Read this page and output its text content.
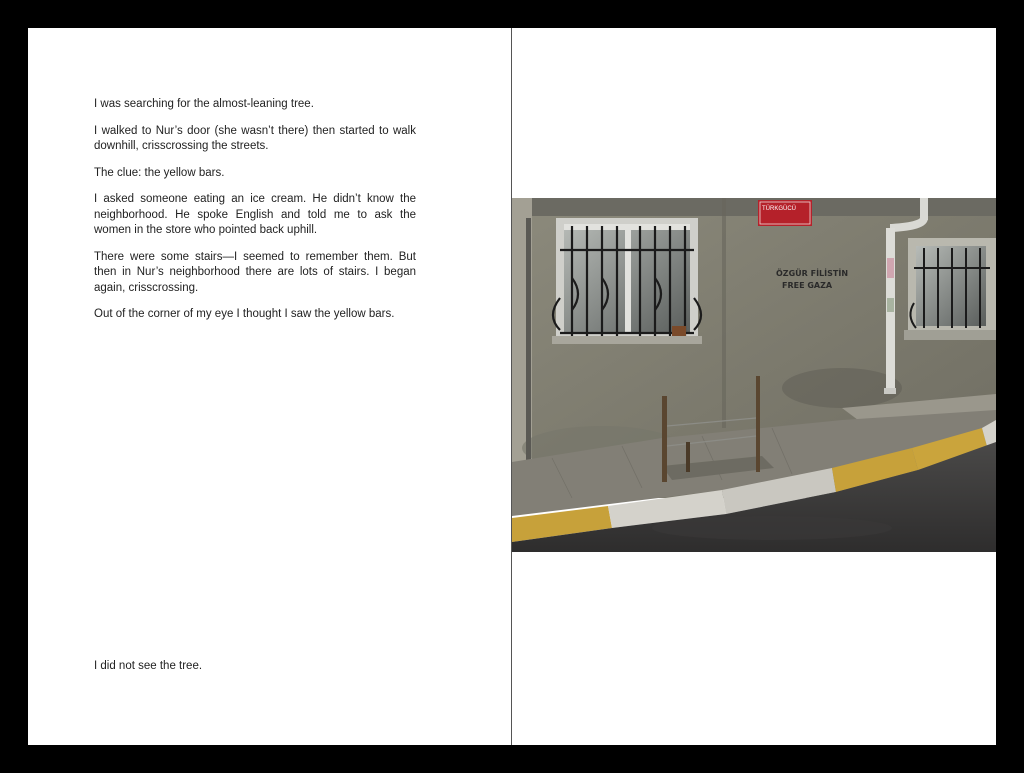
I was searching for the almost-leaning tree.

I walked to Nur’s door (she wasn’t there) then started to walk downhill, crisscrossing the streets.

The clue: the yellow bars.

I asked someone eating an ice cream. He didn’t know the neighborhood. He spoke English and told me to ask the women in the store who pointed back uphill.

There were some stairs—I seemed to remember them. But then in Nur’s neighborhood there are lots of stairs. I began again, crisscrossing.

Out of the corner of my eye I thought I saw the yellow bars.

I did not see the tree.

TÜRKGÜCÜ
ÖZGÜR FİLİSTİN
FREE GAZA
